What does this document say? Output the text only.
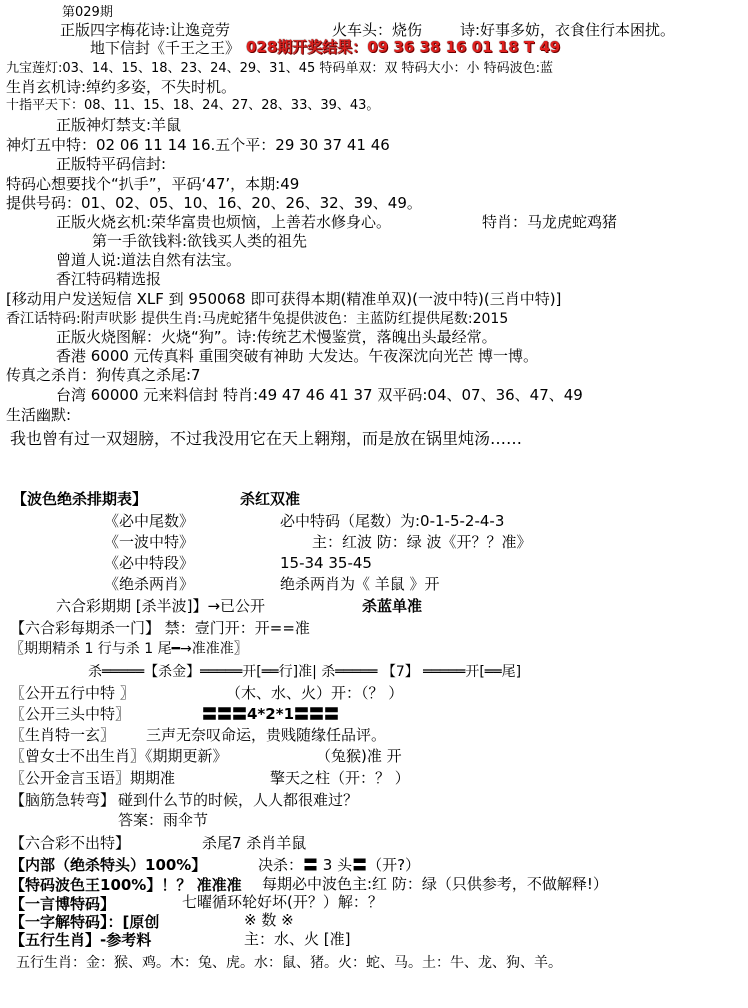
第029期
正版四字梅花诗:让逸竞劳	火车头：烧伤	诗:好事多妨，衣食住行本困扰。
地下信封《千王之王》 028期开奖结果：09 36 38 16 01 18 T 49
九宝莲灯:03、14、15、18、23、24、29、31、45 特码单双：双 特码大小：小 特码波色:蓝
生肖玄机诗:绰约多姿，不失时机。
十指平天下：08、11、15、18、24、27、28、33、39、43。
正版神灯禁支:羊鼠
神灯五中特：02 06 11 14 16.五个平：29 30 37 41 46
正版特平码信封:
特码心想要找个“扒手”，平码‘47’，本期:49
提供号码：01、02、05、10、16、20、26、32、39、49。
正版火烧玄机:荣华富贵也烦恼，上善若水修身心。	特肖：马龙虎蛇鸡猪
第一手欲钱料:欲钱买人类的祖先
曾道人说:道法自然有法宝。
香江特码精选报
[移动用户发送短信 XLF 到 950068 即可获得本期(精准单双)(一波中特)(三肖中特)]
香江话特码:附声吠影 提供生肖:马虎蛇猪牛兔提供波色：主蓝防红提供尾数:2015
正版火烧图解：火烧“狗”。诗:传统艺术慢鉴赏，落魄出头最经常。
香港 6000 元传真料 重围突破有神助 大发达。午夜深沈向光芒 博一博。
传真之杀肖：狗传真之杀尾:7
台湾 60000 元来料信封 特肖:49 47 46 41 37 双平码:04、07、36、47、49
生活幽默:
我也曾有过一双翅膀，不过我没用它在天上翱翔，而是放在锅里炖汤……
【波色绝杀排期表】	杀红双准
《必中尾数》	必中特码（尾数）为:0-1-5-2-4-3
《一波中特》	主：红波 防：绿 波《开？？准》
《必中特段》	15-34 35-45
《绝杀两肖》	绝杀两肖为《 羊鼠 》开
六合彩期期 [杀半波]】→已公开	杀蓝单准
【六合彩每期杀一门】 禁：壹门开：开==准
〖期期精杀 1 行与杀 1 尾━→准准准〗
杀═════【杀金】═════开[══行]准| 杀═════ 【7】 ═════开[══尾]
〖公开五行中特 〗	（木、水、火）开：（？ ）
〖公开三头中特〗	〓〓〓4*2*1〓〓〓
〖生肖特一玄〗 三声无奈叹命运，贵贱随缘任品评。
〖曾女士不出生肖〗《期期更新》	（兔猴)准 开
〖公开金言玉语〗期期准	擎天之柱（开：？ ）
【脑筋急转弯】 碰到什么节的时候，人人都很难过？
答案：雨伞节
【六合彩不出特】	杀尾7 杀肖羊鼠
【内部（绝杀特头）100%】	决杀：〓 3 头〓（开?）
【特码波色王100%】！？ 准准准 每期必中波色主:红 防：绿（只供参考，不做解释!）
【一言博特码】	七曜循环轮好坏(开？）解：？
【一字解特码】：[原创	※ 数 ※
【五行生肖】-参考料	主：水、火 [准]
五行生肖：金：猴、鸡。木：兔、虎。水：鼠、猪。火：蛇、马。土：牛、龙、狗、羊。
